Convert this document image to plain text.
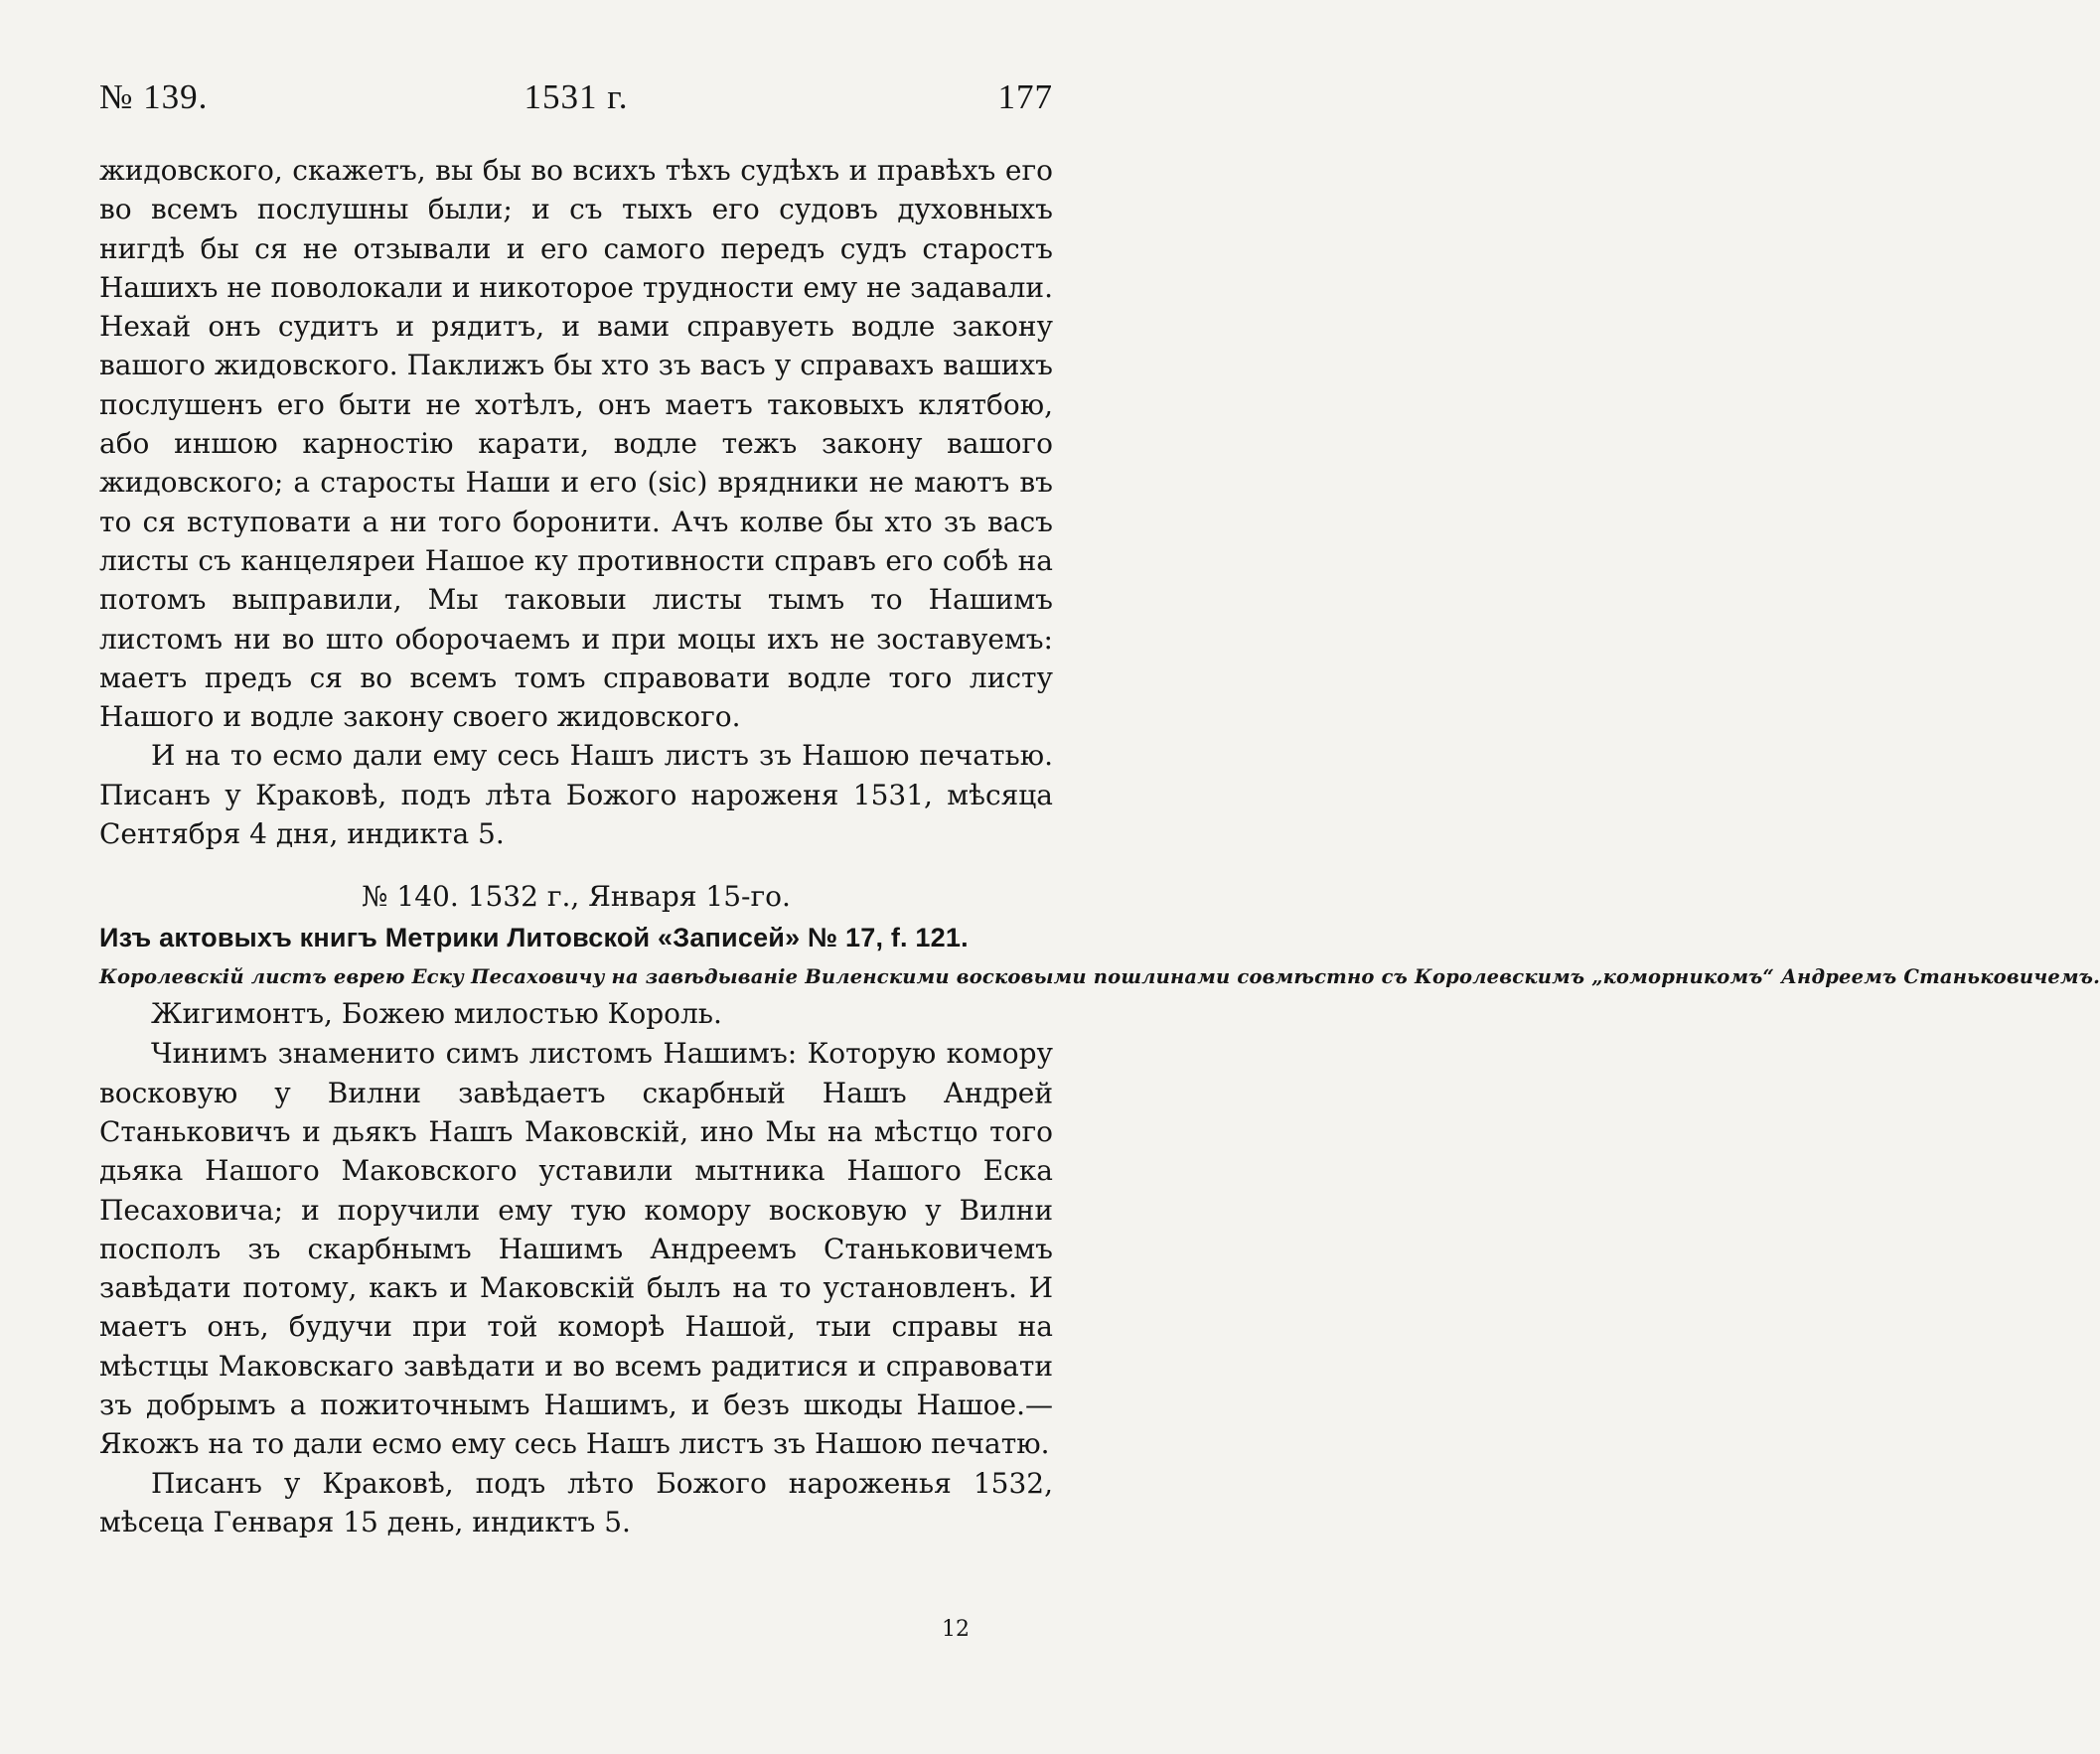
№ 139.	1531 г.	177

жидовского, скажетъ, вы бы во всихъ тѣхъ судѣхъ и правѣхъ его во всемъ послушны были; и съ тыхъ его судовъ духовныхъ нигдѣ бы ся не отзывали и его самого передъ судъ старостъ Нашихъ не поволокали и никоторое трудности ему не задавали. Нехай онъ судитъ и рядитъ, и вами справуеть водле закону вашого жидовского. Паклижъ бы хто зъ васъ у справахъ вашихъ послушенъ его быти не хотѣлъ, онъ маетъ таковыхъ клятбою, або иншою карностію карати, водле тежъ закону вашого жидовского; а старосты Наши и его (sic) врядники не маютъ въ то ся вступовати а ни того боронити. Ачъ колве бы хто зъ васъ листы съ канцеляреи Нашое ку противности справъ его собѣ на потомъ выправили, Мы таковыи листы тымъ то Нашимъ листомъ ни во што оборочаемъ и при моцы ихъ не зоставуемъ: маетъ предъ ся во всемъ томъ справовати водле того листу Нашого и водле закону своего жидовского.

И на то есмо дали ему сесь Нашъ листъ зъ Нашою печатью. Писанъ у Краковѣ, подъ лѣта Божого нароженя 1531, мѣсяца Сентября 4 дня, индикта 5.

№ 140. 1532 г., Января 15-го.

Изъ актовыхъ книгъ Метрики Литовской «Записей» № 17, f. 121.

Королевскій листъ еврею Еску Песаховичу на завѣдываніе Виленскими восковыми пошлинами совмѣстно съ Королевскимъ „коморникомъ“ Андреемъ Станьковичемъ.

Жигимонтъ, Божею милостью Король.

Чинимъ знаменито симъ листомъ Нашимъ: Которую комору восковую у Вилни завѣдаетъ скарбный Нашъ Андрей Станьковичъ и дьякъ Нашъ Маковскій, ино Мы на мѣстцо того дьяка Нашого Маковского уставили мытника Нашого Еска Песаховича; и поручили ему тую комору восковую у Вилни посполъ зъ скарбнымъ Нашимъ Андреемъ Станьковичемъ завѣдати потому, какъ и Маковскій былъ на то установленъ. И маетъ онъ, будучи при той коморѣ Нашой, тыи справы на мѣстцы Маковскаго завѣдати и во всемъ радитися и справовати зъ добрымъ а пожиточнымъ Нашимъ, и безъ шкоды Нашое.— Якожъ на то дали есмо ему сесь Нашъ листъ зъ Нашою печатю.

Писанъ у Краковѣ, подъ лѣто Божого нароженья 1532, мѣсеца Генваря 15 день, индиктъ 5.

12
